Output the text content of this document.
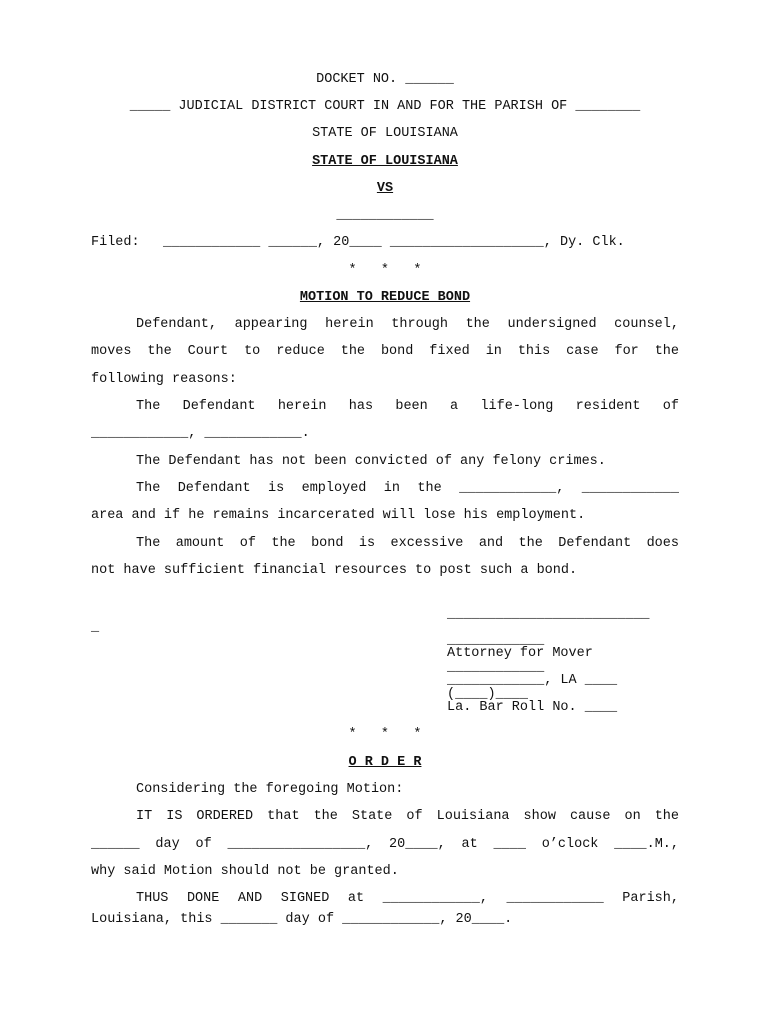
DOCKET NO. ______
_____ JUDICIAL DISTRICT COURT IN AND FOR THE PARISH OF ________
STATE OF LOUISIANA
STATE OF LOUISIANA
VS
____________
Filed: ____________ ______, 20____ ___________________, Dy. Clk.
*   *   *
MOTION TO REDUCE BOND
Defendant, appearing herein through the undersigned counsel,
moves the Court to reduce the bond fixed in this case for the
following reasons:
The Defendant herein has been a life-long resident of
____________, ____________.
The Defendant has not been convicted of any felony crimes.
The Defendant is employed in the ____________, ____________
area and if he remains incarcerated will lose his employment.
The amount of the bond is excessive and the Defendant does
not have sufficient financial resources to post such a bond.
_________________________
_
____________
Attorney for Mover
____________
____________, LA ____
(____)____
La. Bar Roll No. ____
*   *   *
O R D E R
Considering the foregoing Motion:
IT IS ORDERED that the State of Louisiana show cause on the
______ day of _________________, 20____, at ____ o’clock ____.M.,
why said Motion should not be granted.
THUS DONE AND SIGNED at ____________, ____________ Parish,
Louisiana, this _______ day of ____________, 20____.
